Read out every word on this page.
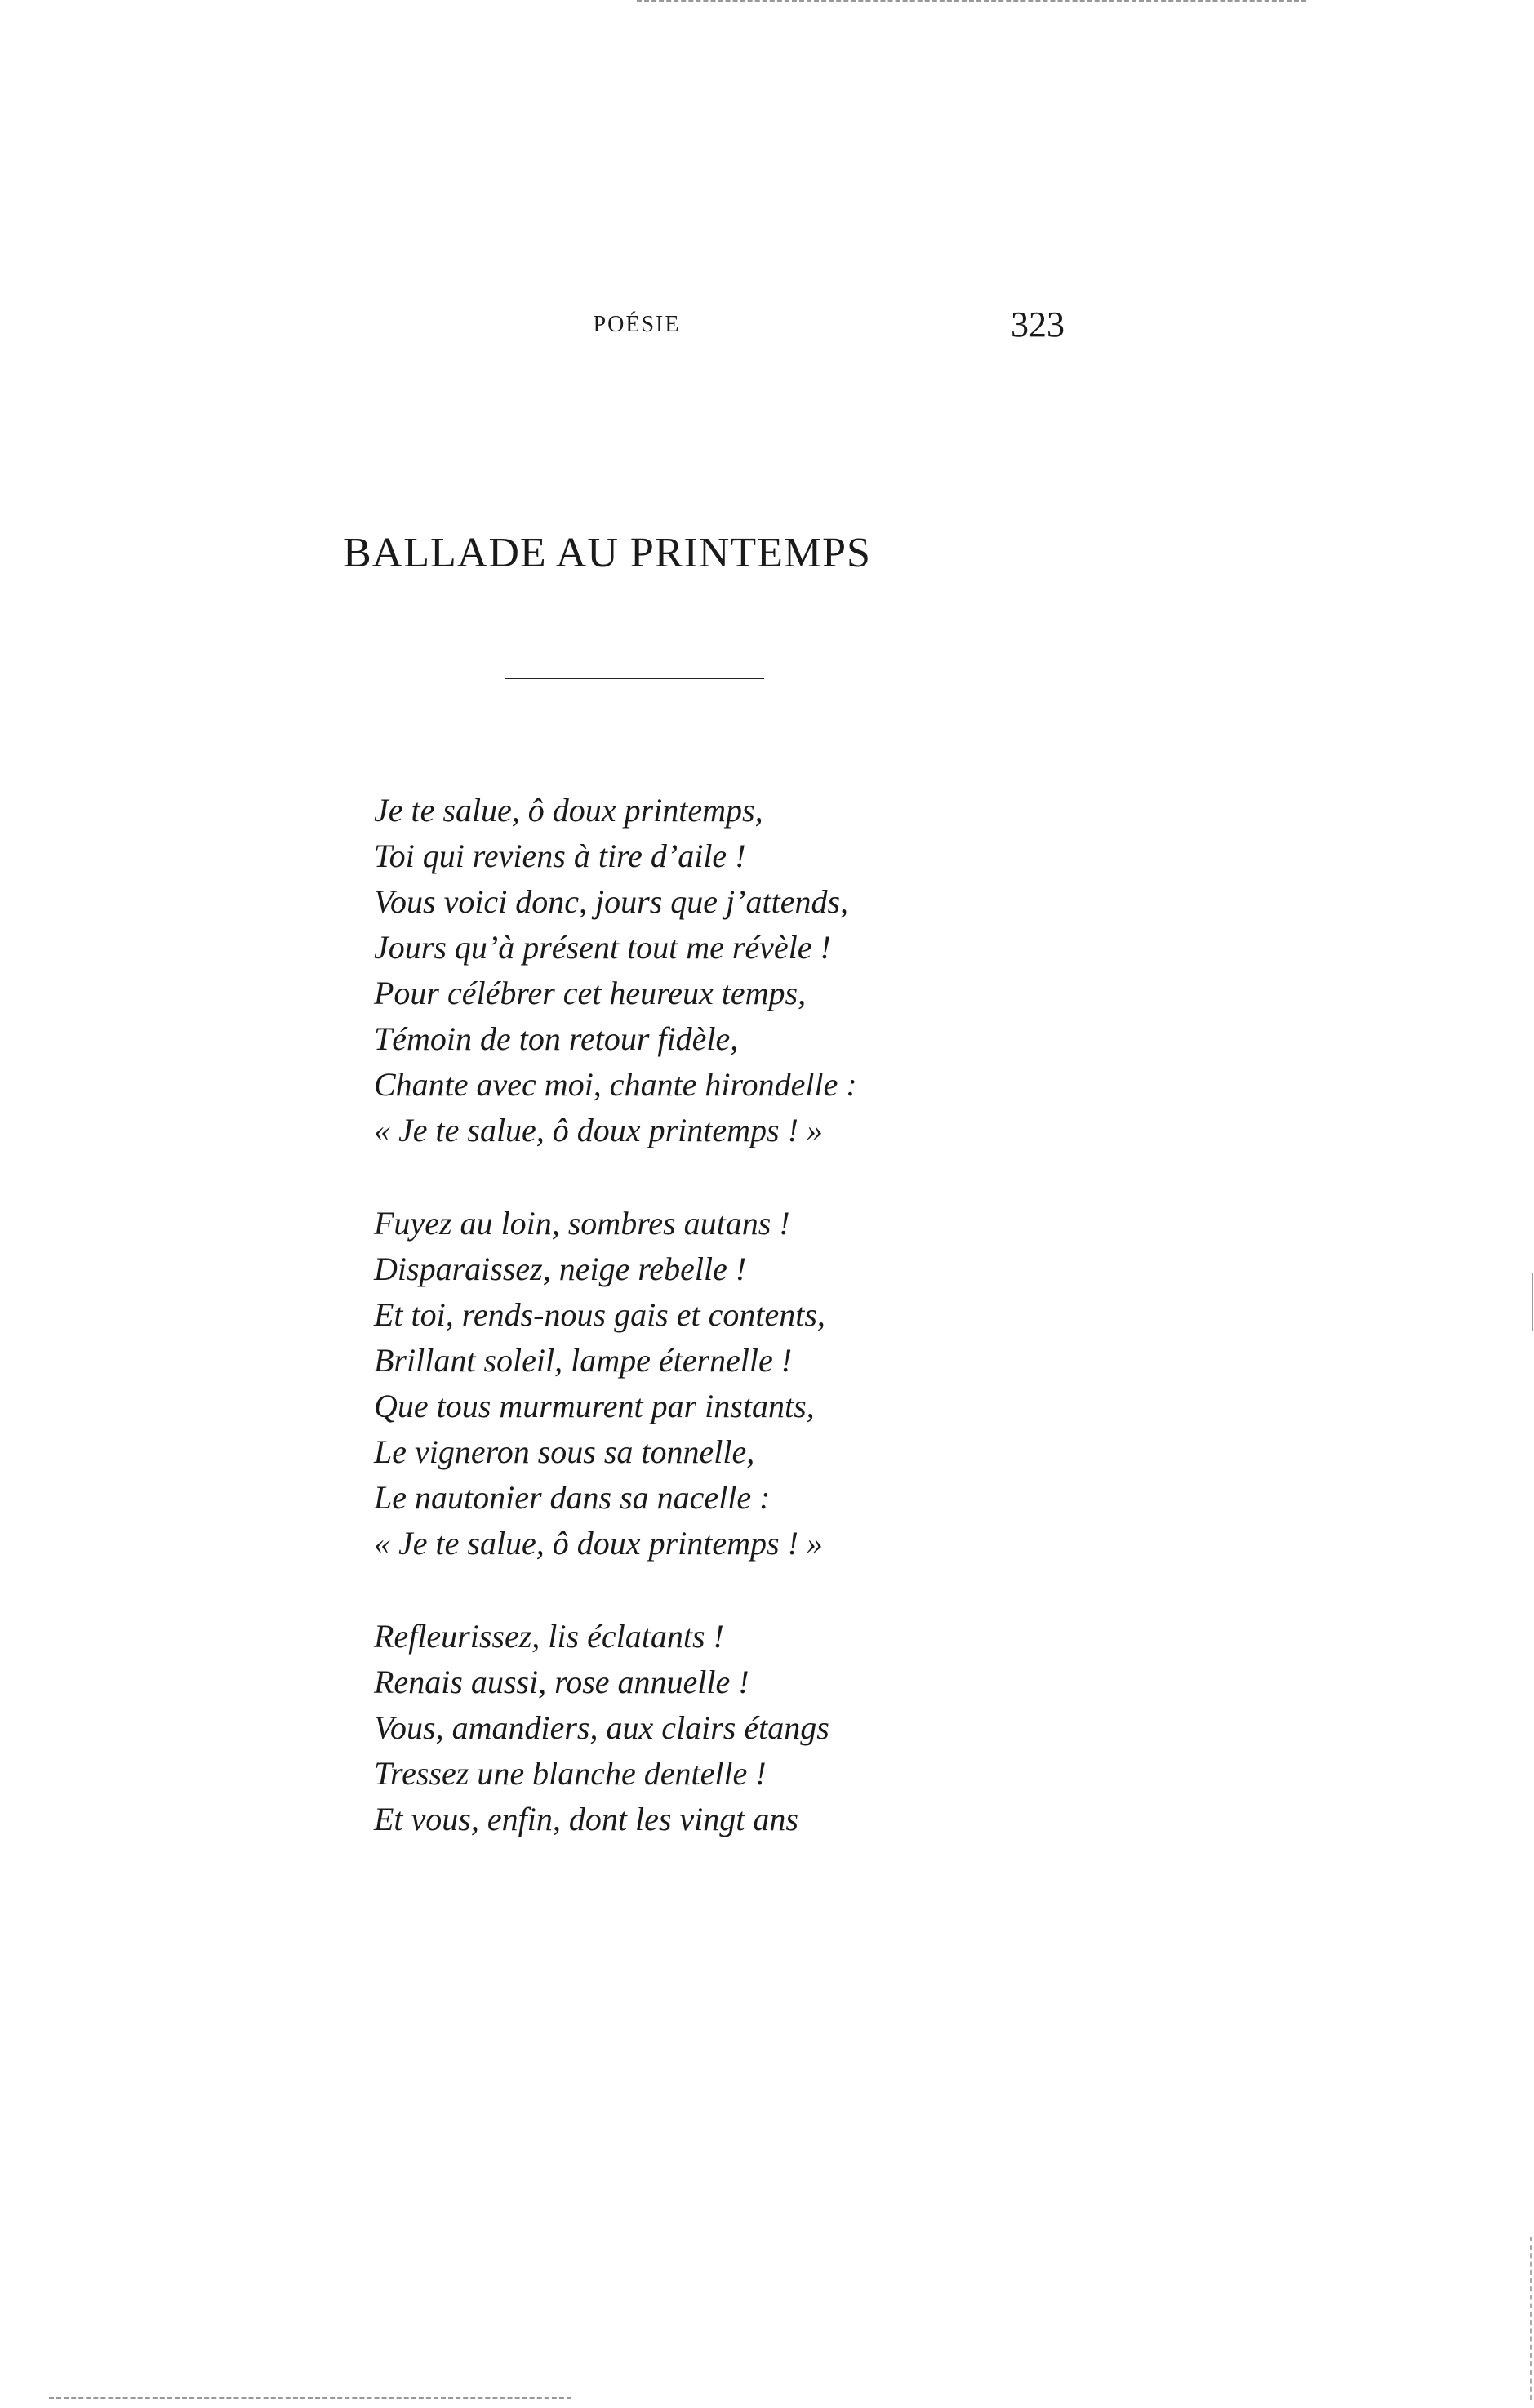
POÉSIE	323
BALLADE AU PRINTEMPS
Je te salue, ô doux printemps,
Toi qui reviens à tire d’aile !
Vous voici donc, jours que j’attends,
Jours qu’à présent tout me révèle !
Pour célébrer cet heureux temps,
Témoin de ton retour fidèle,
Chante avec moi, chante hirondelle :
« Je te salue, ô doux printemps ! »
Fuyez au loin, sombres autans !
Disparaissez, neige rebelle !
Et toi, rends-nous gais et contents,
Brillant soleil, lampe éternelle !
Que tous murmurent par instants,
Le vigneron sous sa tonnelle,
Le nautonier dans sa nacelle :
« Je te salue, ô doux printemps ! »
Refleurissez, lis éclatants !
Renais aussi, rose annuelle !
Vous, amandiers, aux clairs étangs
Tressez une blanche dentelle !
Et vous, enfin, dont les vingt ans
